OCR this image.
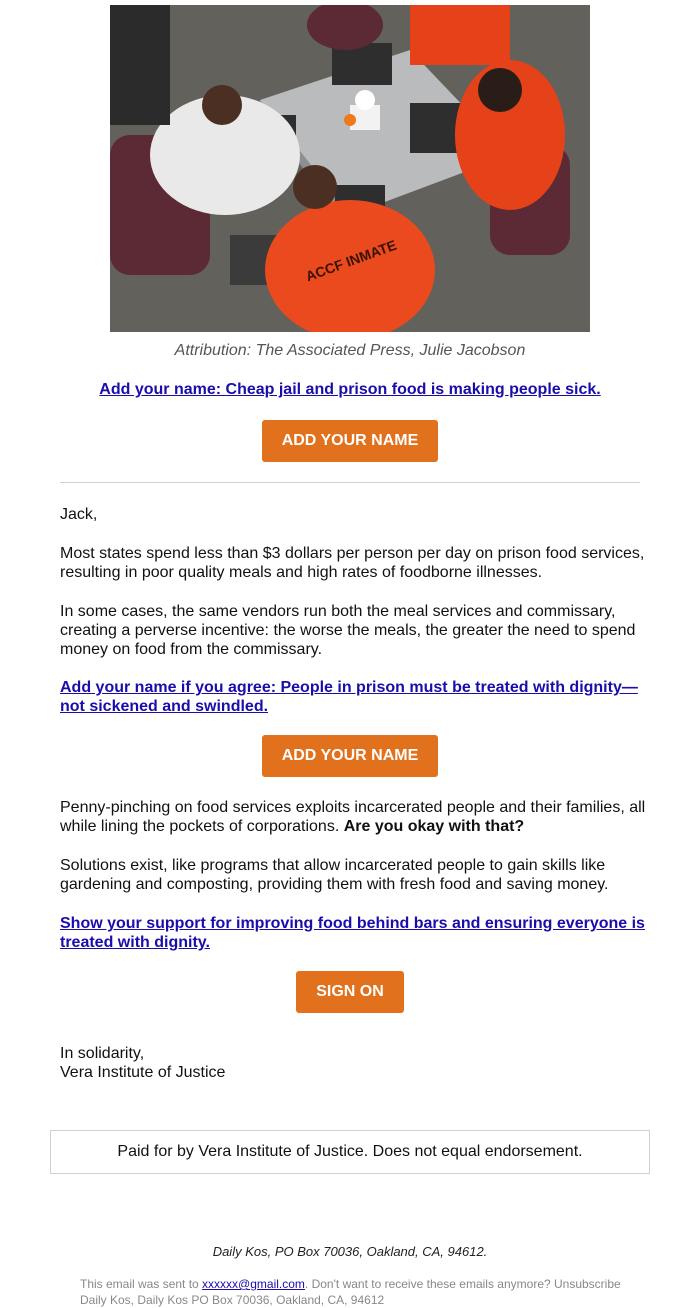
ACCF INMATE
Attribution: The Associated Press, Julie Jacobson
Add your name: Cheap jail and prison food is making people sick.
ADD YOUR NAME
Jack,
Most states spend less than $3 dollars per person per day on prison food services, resulting in poor quality meals and high rates of foodborne illnesses.
In some cases, the same vendors run both the meal services and commissary, creating a perverse incentive: the worse the meals, the greater the need to spend money on food from the commissary.
Add your name if you agree: People in prison must be treated with dignity—not sickened and swindled.
ADD YOUR NAME
Penny-pinching on food services exploits incarcerated people and their families, all while lining the pockets of corporations. Are you okay with that?
Solutions exist, like programs that allow incarcerated people to gain skills like gardening and composting, providing them with fresh food and saving money.
Show your support for improving food behind bars and ensuring everyone is treated with dignity.
SIGN ON
In solidarity,
Vera Institute of Justice
Paid for by Vera Institute of Justice. Does not equal endorsement.
Daily Kos, PO Box 70036, Oakland, CA, 94612.
This email was sent to xxxxxx@gmail.com. Don't want to receive these emails anymore? Unsubscribe
Daily Kos, Daily Kos PO Box 70036, Oakland, CA, 94612
